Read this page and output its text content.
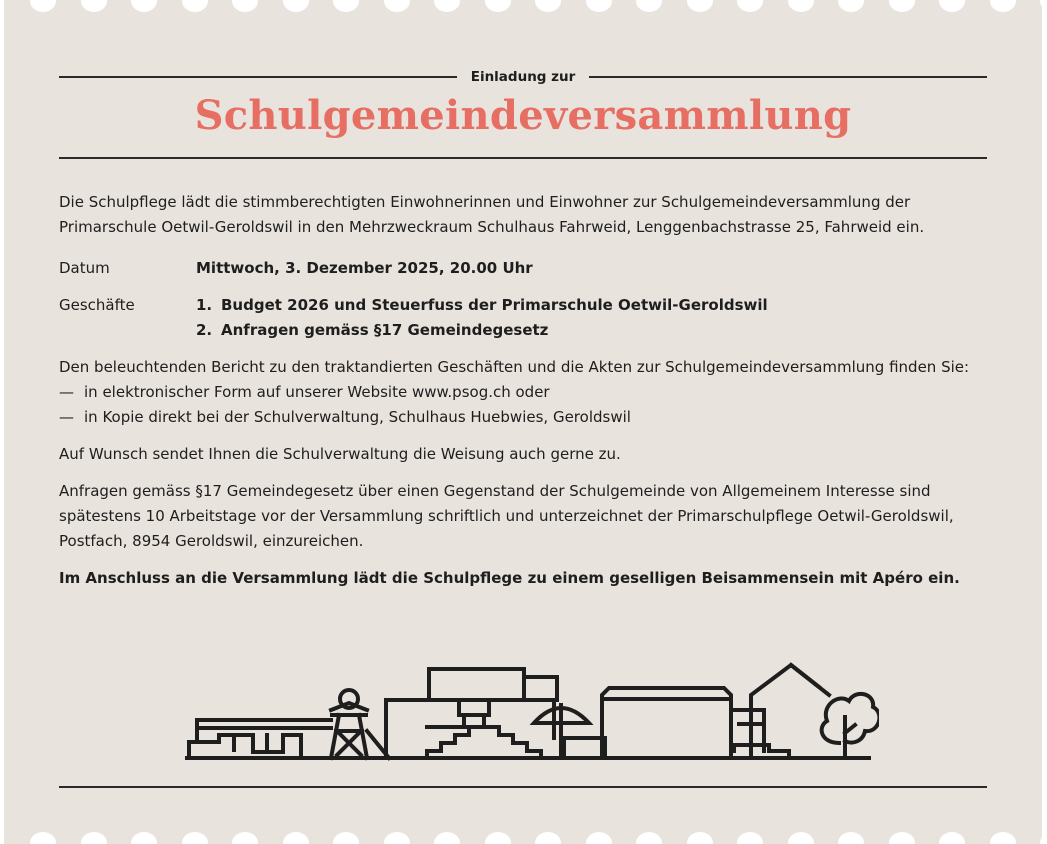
Einladung zur
Schulgemeindeversammlung

Die Schulpflege lädt die stimmberechtigten Einwohnerinnen und Einwohner zur Schulgemeindeversammlung der Primarschule Oetwil-Geroldswil in den Mehrzweckraum Schulhaus Fahrweid, Lenggenbachstrasse 25, Fahrweid ein.

Datum	Mittwoch, 3. Dezember 2025, 20.00 Uhr
Geschäfte	1. Budget 2026 und Steuerfuss der Primarschule Oetwil-Geroldswil
2. Anfragen gemäss §17 Gemeindegesetz

Den beleuchtenden Bericht zu den traktandierten Geschäften und die Akten zur Schulgemeindeversammlung finden Sie:

— in elektronischer Form auf unserer Website www.psog.ch oder
— in Kopie direkt bei der Schulverwaltung, Schulhaus Huebwies, Geroldswil

Auf Wunsch sendet Ihnen die Schulverwaltung die Weisung auch gerne zu.

Anfragen gemäss §17 Gemeindegesetz über einen Gegenstand der Schulgemeinde von Allgemeinem Interesse sind spätestens 10 Arbeitstage vor der Versammlung schriftlich und unterzeichnet der Primarschulpflege Oetwil-Geroldswil, Postfach, 8954 Geroldswil, einzureichen.

Im Anschluss an die Versammlung lädt die Schulpflege zu einem geselligen Beisammensein mit Apéro ein.
